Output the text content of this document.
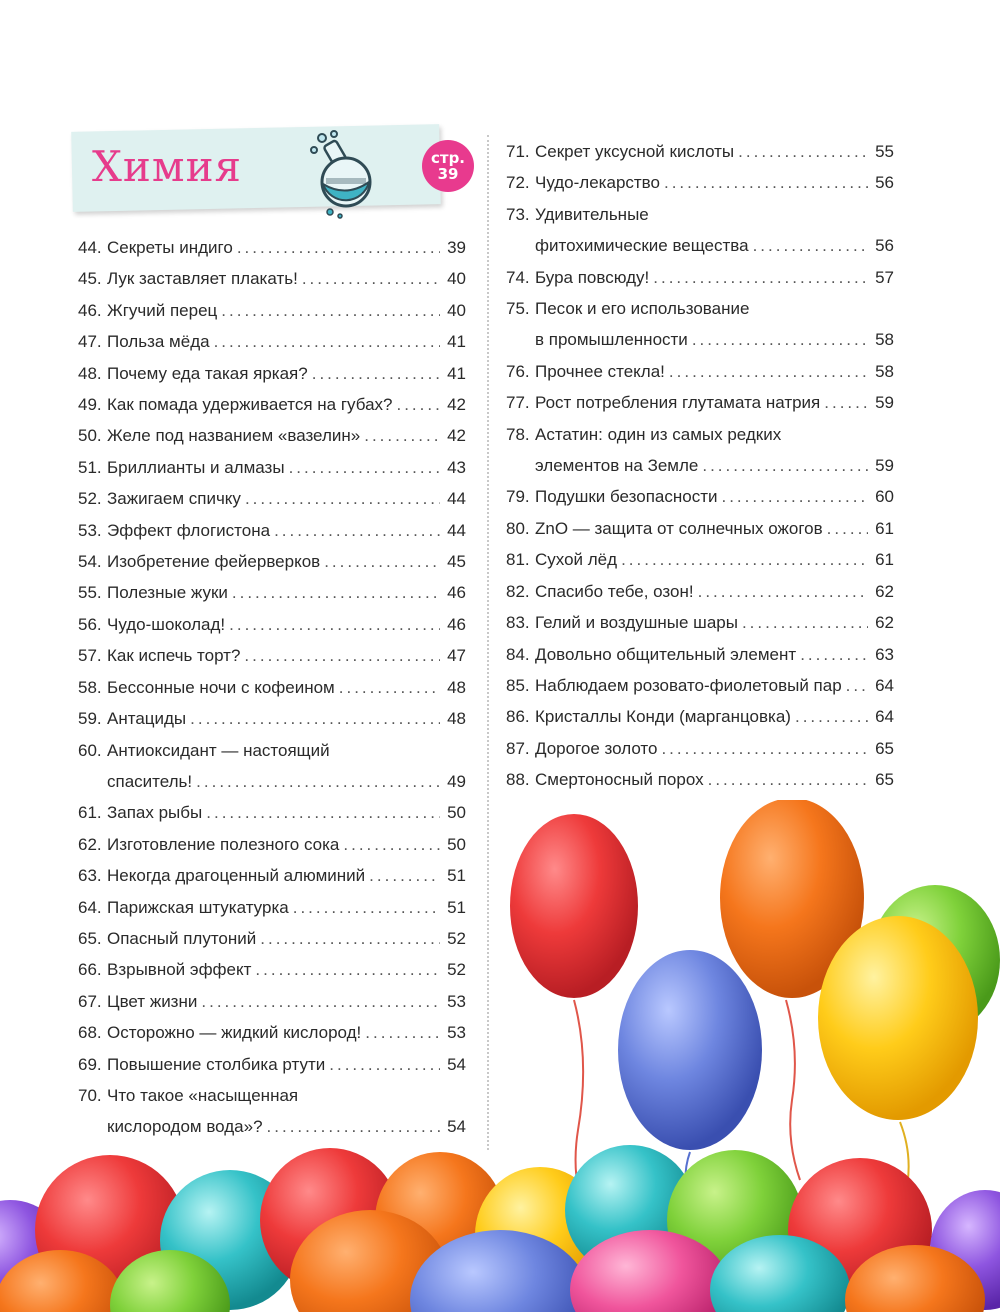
Химия	стр.
39
44. Секреты индиго .....	39
45. Лук заставляет плакать! .....	40
46. Жгучий перец .....	40
47. Польза мёда .....	41
48. Почему еда такая яркая? .....	41
49. Как помада удерживается на губах? .....	42
50. Желе под названием «вазелин» .....	42
51. Бриллианты и алмазы .....	43
52. Зажигаем спичку .....	44
53. Эффект флогистона .....	44
54. Изобретение фейерверков .....	45
55. Полезные жуки .....	46
56. Чудо-шоколад! .....	46
57. Как испечь торт? .....	47
58. Бессонные ночи с кофеином .....	48
59. Антациды .....	48
60. Антиоксидант — настоящий
спаситель! .....	49
61. Запах рыбы .....	50
62. Изготовление полезного сока .....	50
63. Некогда драгоценный алюминий .....	51
64. Парижская штукатурка .....	51
65. Опасный плутоний .....	52
66. Взрывной эффект .....	52
67. Цвет жизни .....	53
68. Осторожно — жидкий кислород! .....	53
69. Повышение столбика ртути .....	54
70. Что такое «насыщенная
кислородом вода»? .....	54
71. Секрет уксусной кислоты .....	55
72. Чудо-лекарство .....	56
73. Удивительные
фитохимические вещества .....	56
74. Бура повсюду! .....	57
75. Песок и его использование
в промышленности .....	58
76. Прочнее стекла! .....	58
77. Рост потребления глутамата натрия .....	59
78. Астатин: один из самых редких
элементов на Земле .....	59
79. Подушки безопасности .....	60
80. ZnO — защита от солнечных ожогов .....	61
81. Сухой лёд .....	61
82. Спасибо тебе, озон! .....	62
83. Гелий и воздушные шары .....	62
84. Довольно общительный элемент .....	63
85. Наблюдаем розовато-фиолетовый пар ..... 64
86. Кристаллы Конди (марганцовка) .....	64
87. Дорогое золото .....	65
88. Смертоносный порох .....	65
